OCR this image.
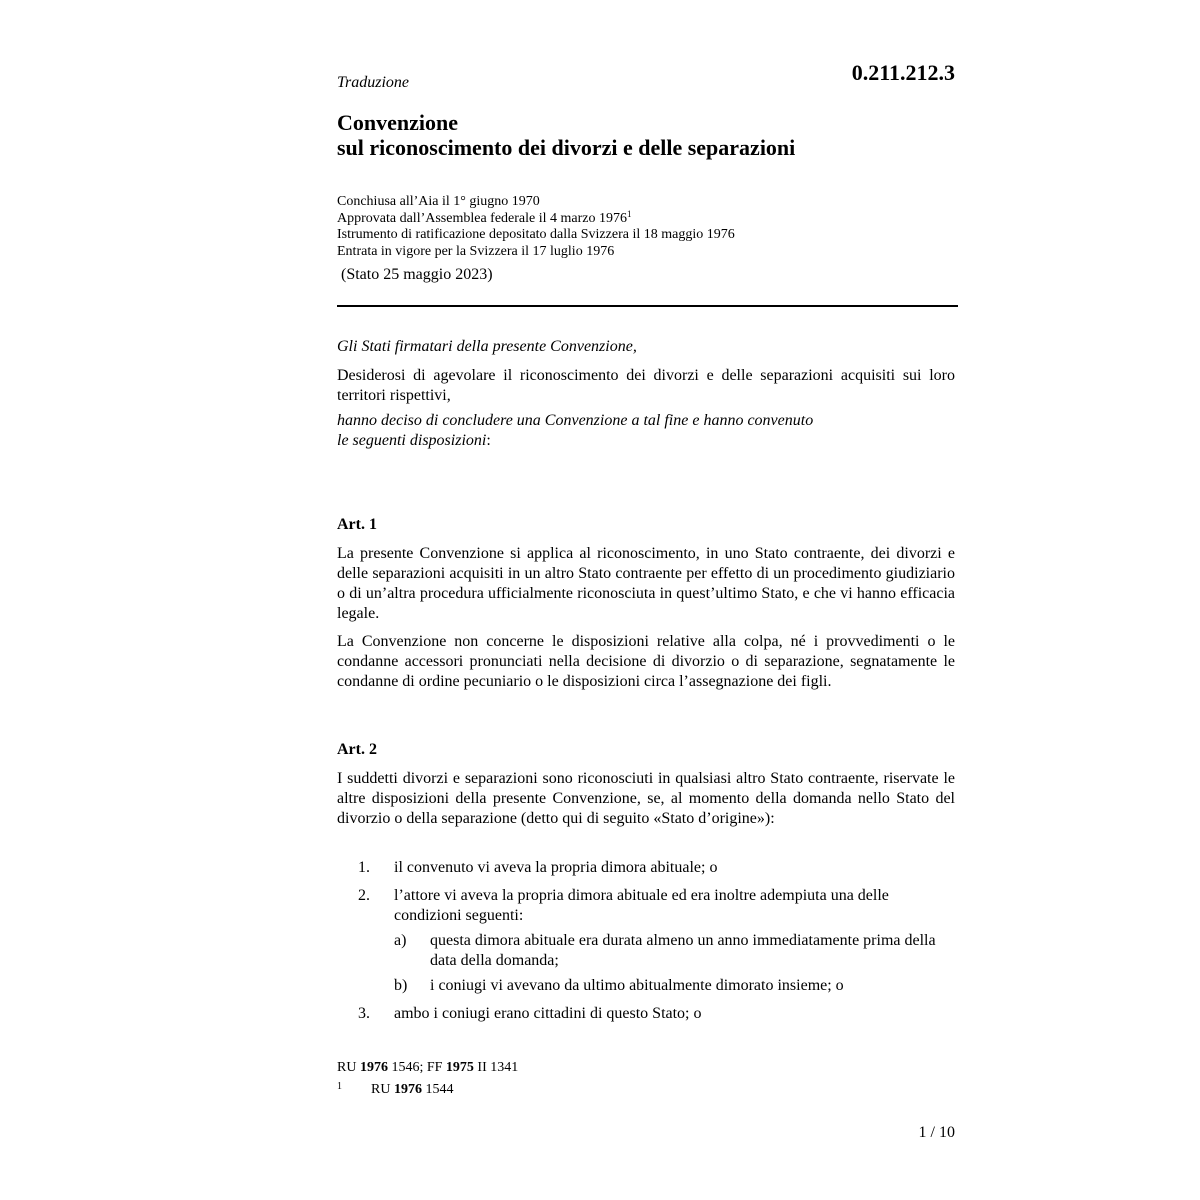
0.211.212.3
Traduzione
Convenzione
sul riconoscimento dei divorzi e delle separazioni
Conchiusa all’Aia il 1° giugno 1970
Approvata dall’Assemblea federale il 4 marzo 1976$^1$
Istrumento di ratificazione depositato dalla Svizzera il 18 maggio 1976
Entrata in vigore per la Svizzera il 17 luglio 1976
(Stato 25 maggio 2023)
Gli Stati firmatari della presente Convenzione,
Desiderosi di agevolare il riconoscimento dei divorzi e delle separazioni acquisiti sui loro territori rispettivi,
hanno deciso di concludere una Convenzione a tal fine e hanno convenuto
le seguenti disposizioni:
Art. 1
La presente Convenzione si applica al riconoscimento, in uno Stato contraente, dei divorzi e delle separazioni acquisiti in un altro Stato contraente per effetto di un procedimento giudiziario o di un’altra procedura ufficialmente riconosciuta in quest’ultimo Stato, e che vi hanno efficacia legale.
La Convenzione non concerne le disposizioni relative alla colpa, né i provvedimenti o le condanne accessori pronunciati nella decisione di divorzio o di separazione, segnatamente le condanne di ordine pecuniario o le disposizioni circa l’assegnazione dei figli.
Art. 2
I suddetti divorzi e separazioni sono riconosciuti in qualsiasi altro Stato contraente, riservate le altre disposizioni della presente Convenzione, se, al momento della domanda nello Stato del divorzio o della separazione (detto qui di seguito «Stato d’origine»):
1. il convenuto vi aveva la propria dimora abituale; o
2. l’attore vi aveva la propria dimora abituale ed era inoltre adempiuta una delle condizioni seguenti:
a) questa dimora abituale era durata almeno un anno immediatamente prima della data della domanda;
b) i coniugi vi avevano da ultimo abitualmente dimorato insieme; o
3. ambo i coniugi erano cittadini di questo Stato; o
RU 1976 1546; FF 1975 II 1341
1 RU 1976 1544
1 / 10
